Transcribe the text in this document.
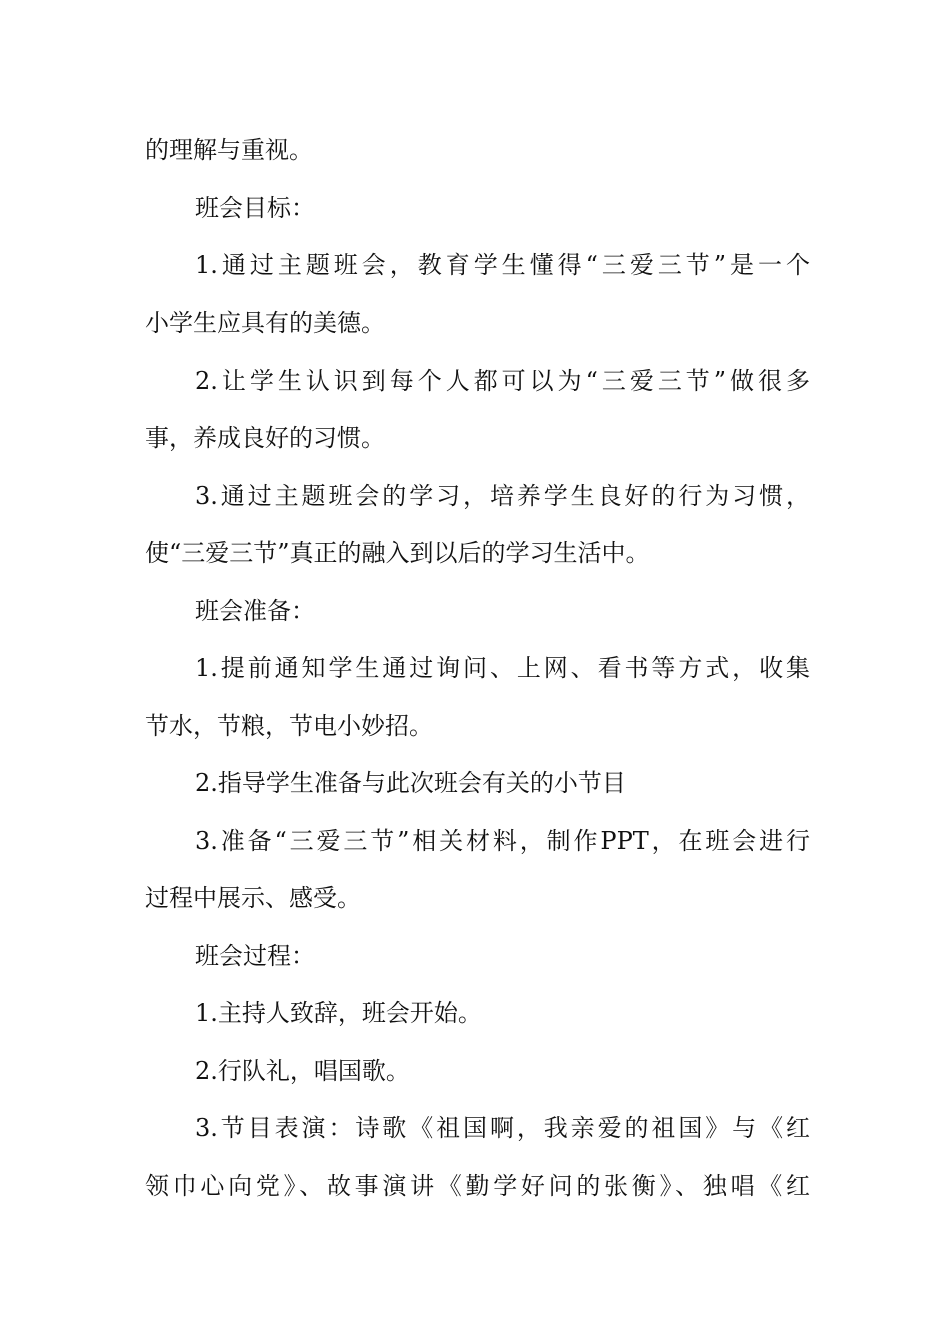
的理解与重视。
班会目标：
1.通过主题班会，教育学生懂得“三爱三节”是一个
小学生应具有的美德。
2.让学生认识到每个人都可以为“三爱三节”做很多
事，养成良好的习惯。
3.通过主题班会的学习，培养学生良好的行为习惯，
使“三爱三节”真正的融入到以后的学习生活中。
班会准备：
1.提前通知学生通过询问、上网、看书等方式，收集
节水，节粮，节电小妙招。
2.指导学生准备与此次班会有关的小节目
3.准备“三爱三节”相关材料，制作PPT，在班会进行
过程中展示、感受。
班会过程：
1.主持人致辞，班会开始。
2.行队礼，唱国歌。
3.节目表演：诗歌《祖国啊，我亲爱的祖国》与《红
领巾心向党》、故事演讲《勤学好问的张衡》、独唱《红
